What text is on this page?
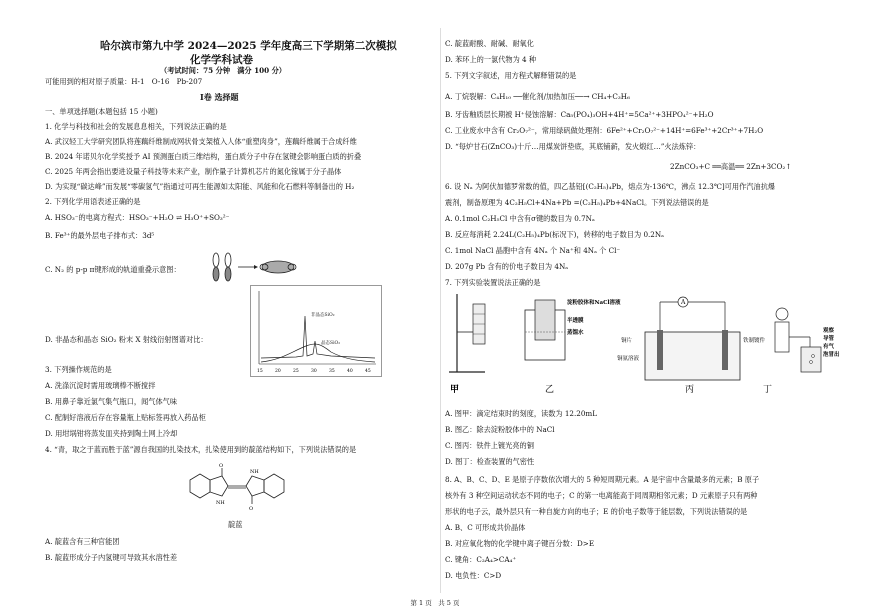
哈尔滨市第九中学 2024—2025 学年度高三下学期第二次模拟
化学学科试卷
（考试时间：75 分钟　满分 100 分）
可能用到的相对原子质量：H-1　O-16　Pb-207
I卷 选择题
一、单项选择题(本题包括 15 小题)
1. 化学与科技和社会的发展息息相关，下列说法正确的是
A. 武汉轻工大学研究团队将莲藕纤维制成网状骨支架植入人体“重塑肉身”，莲藕纤维属于合成纤维
B. 2024 年诺贝尔化学奖授予 AI 预测蛋白质三维结构，蛋白质分子中存在氢键会影响蛋白质的折叠
C. 2025 年两会指出要进设量子科技等未来产业，制作量子计算机芯片的氮化镓属于分子晶体
D. 为实现“碳达峰”而发展“零碳氢气”指通过可再生能源如太阳能、风能和化石燃料等制备出的 H₂
2. 下列化学用语表述正确的是
A. HSO₃⁻的电离方程式：HSO₃⁻+H₂O ⇌ H₃O⁺+SO₃²⁻
B. Fe³⁺的最外层电子排布式：3d⁵
C. N₂ 的 p-p π键形成的轨道重叠示意图：
D. 非晶态和晶态 SiO₂ 粉末 X 射线衍射图谱对比：
非晶态SiO₂
晶态SiO₂
15	20	25	30	35	40	45
3. 下列操作规范的是
A. 洗涤沉淀时需用玻璃棒不断搅拌
B. 用鼻子靠近氯气集气瓶口，闻气体气味
C. 配制好溶液后存在容量瓶上贴标签再放入药品柜
D. 用坩埚钳将蒸发皿夹持到陶土网上冷却
4. “青，取之于蓝而胜于蓝”源自我国的扎染技术，扎染使用到的靛蓝结构如下，下列说法错误的是
O
O
NH
NH
靛蓝
A. 靛蓝含有三种官能团
B. 靛蓝形成分子内氢键可导致其水溶性差
C. 靛蓝耐酸、耐碱、耐氧化
D. 苯环上的一氯代物为 4 种
5. 下列文字叙述，用方程式解释错误的是
A. 丁烷裂解：C₄H₁₀ ──催化剂/加热加压──→ CH₄+C₃H₆
B. 牙齿釉质层长期被 H⁺侵蚀溶解：Ca₅(PO₄)₃OH+4H⁺=5Ca²⁺+3HPO₄²⁻+H₂O
C. 工业废水中含有 Cr₂O₇²⁻，常用绿矾做处理剂：6Fe²⁺+Cr₂O₇²⁻+14H⁺=6Fe³⁺+2Cr³⁺+7H₂O
D. “每炉甘石(ZnCO₃)十斤…用煤炭饼垫底，其底铺薪，发火煅红…”火法炼锌：
2ZnCO₃+C ══高温══ 2Zn+3CO₂↑
6. 设 Nₐ 为阿伏加德罗常数的值，四乙基铅[(C₂H₅)₄Pb，熔点为-136℃，沸点 12.3℃]可用作汽油抗爆
震剂，制备原理为 4C₂H₅Cl+4Na+Pb =(C₂H₅)₄Pb+4NaCl。下列说法错误的是
A. 0.1mol C₂H₅Cl 中含有σ键的数目为 0.7Nₐ
B. 反应每消耗 2.24L(C₂H₅)₄Pb(标况下)，转移的电子数目为 0.2Nₐ
C. 1mol NaCl 晶胞中含有 4Nₐ 个 Na⁺和 4Nₐ 个 Cl⁻
D. 207g Pb 含有的价电子数目为 4Nₐ
7. 下列实验装置说法正确的是
甲
淀粉胶体和NaCl溶液
半透膜
蒸馏水
乙
A
铜片
铜氨溶液
铁制镀件
丙
观察
导管
有气
泡冒出
丁
A. 图甲：滴定结束时的刻度，读数为 12.20mL
B. 图乙：除去淀粉胶体中的 NaCl
C. 图丙：铁件上镀光亮的铜
D. 图丁：检查装置的气密性
8. A、B、C、D、E 是原子序数依次增大的 5 种短周期元素。A 是宇宙中含量最多的元素；B 原子
核外有 3 种空间运动状态不同的电子；C 的第一电离能高于同周期相邻元素；D 元素原子只有两种
形状的电子云，最外层只有一种自旋方向的电子；E 的价电子数等于能层数，下列说法错误的是
A. B、C 可形成共价晶体
B. 对应氧化物的化学键中离子键百分数：D>E
C. 键角：C₂A₄>CA₄⁺
D. 电负性：C>D
第 1 页　共 5 页
